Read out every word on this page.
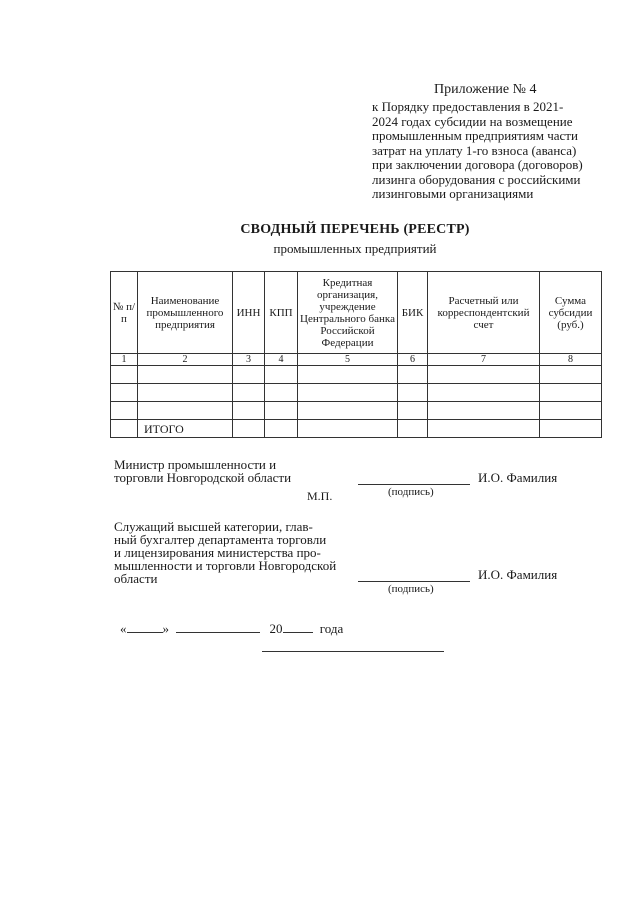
Приложение № 4
к Порядку предоставления в 2021-
2024 годах субсидии на возмещение
промышленным предприятиям части
затрат на уплату 1-го взноса (аванса)
при заключении договора (договоров)
лизинга оборудования с российскими
лизинговыми организациями
СВОДНЫЙ ПЕРЕЧЕНЬ (РЕЕСТР)
промышленных предприятий
№ п/п	Наименование промышленного предприятия	ИНН	КПП	Кредитная организация, учреждение Центрального банка Российской Федерации	БИК	Расчетный или корреспондентский счет	Сумма субсидии (руб.)
1	2	3	4	5	6	7	8

	ИТОГО						
Министр промышленности и
торговли Новгородской области	И.О. Фамилия
М.П.	(подпись)
Служащий высшей категории, глав-
ный бухгалтер департамента торговли
и лицензирования министерства про-
мышленности и торговли Новгородской
области	И.О. Фамилия
(подпись)
«	»	20	года
